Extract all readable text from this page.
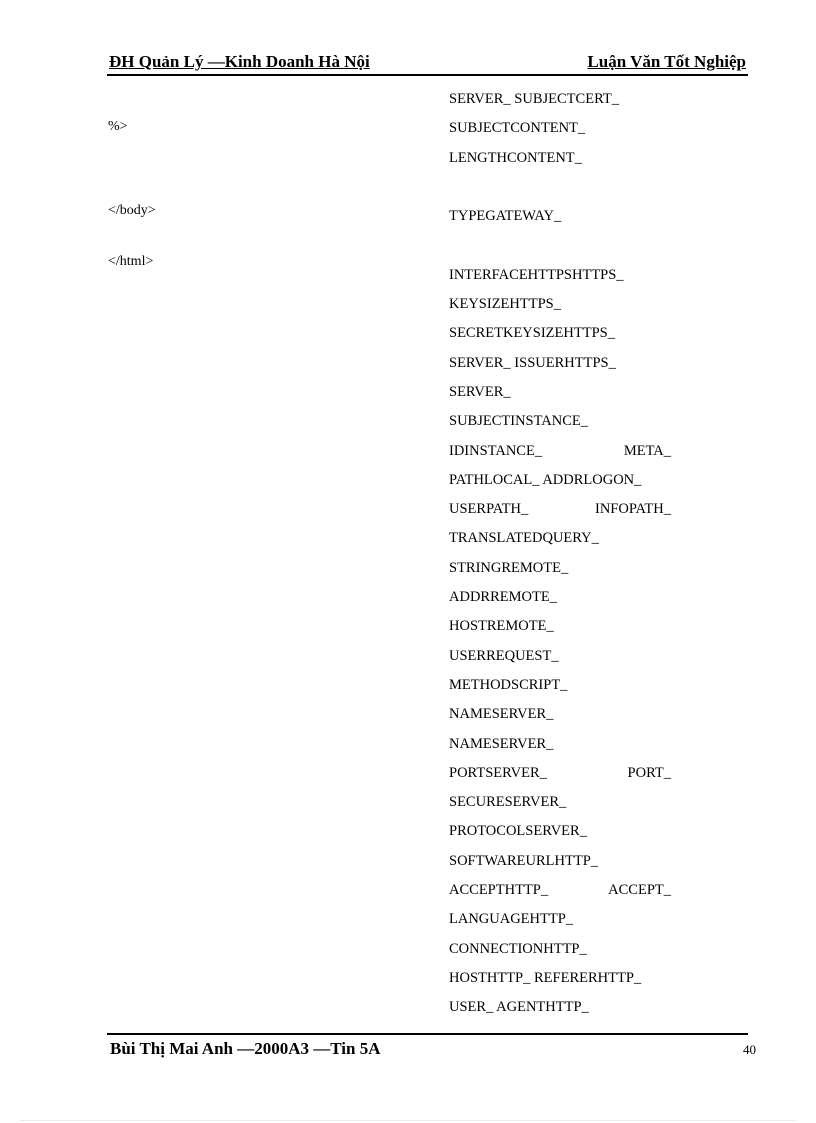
ĐH Quản Lý —Kinh Doanh Hà Nội	Luận Văn Tốt Nghiệp
%>
</body>
</html>
SERVER_ SUBJECTCERT_
SUBJECTCONTENT_
LENGTHCONTENT_
TYPEGATEWAY_
INTERFACEHTTPSHTTPS_
KEYSIZEHTTPS_
SECRETKEYSIZEHTTPS_
SERVER_ ISSUERHTTPS_
SERVER_
SUBJECTINSTANCE_
IDINSTANCE_	META_
PATHLOCAL_ ADDRLOGON_
USERPATH_	INFOPATH_
TRANSLATEDQUERY_
STRINGREMOTE_
ADDRREMOTE_
HOSTREMOTE_
USERREQUEST_
METHODSCRIPT_
NAMESERVER_
NAMESERVER_
PORTSERVER_	PORT_
SECURESERVER_
PROTOCOLSERVER_
SOFTWAREURLHTTP_
ACCEPTHTTP_	ACCEPT_
LANGUAGEHTTP_
CONNECTIONHTTP_
HOSTHTTP_ REFERERHTTP_
USER_ AGENTHTTP_
Bùi Thị Mai Anh —2000A3 —Tin 5A	40
